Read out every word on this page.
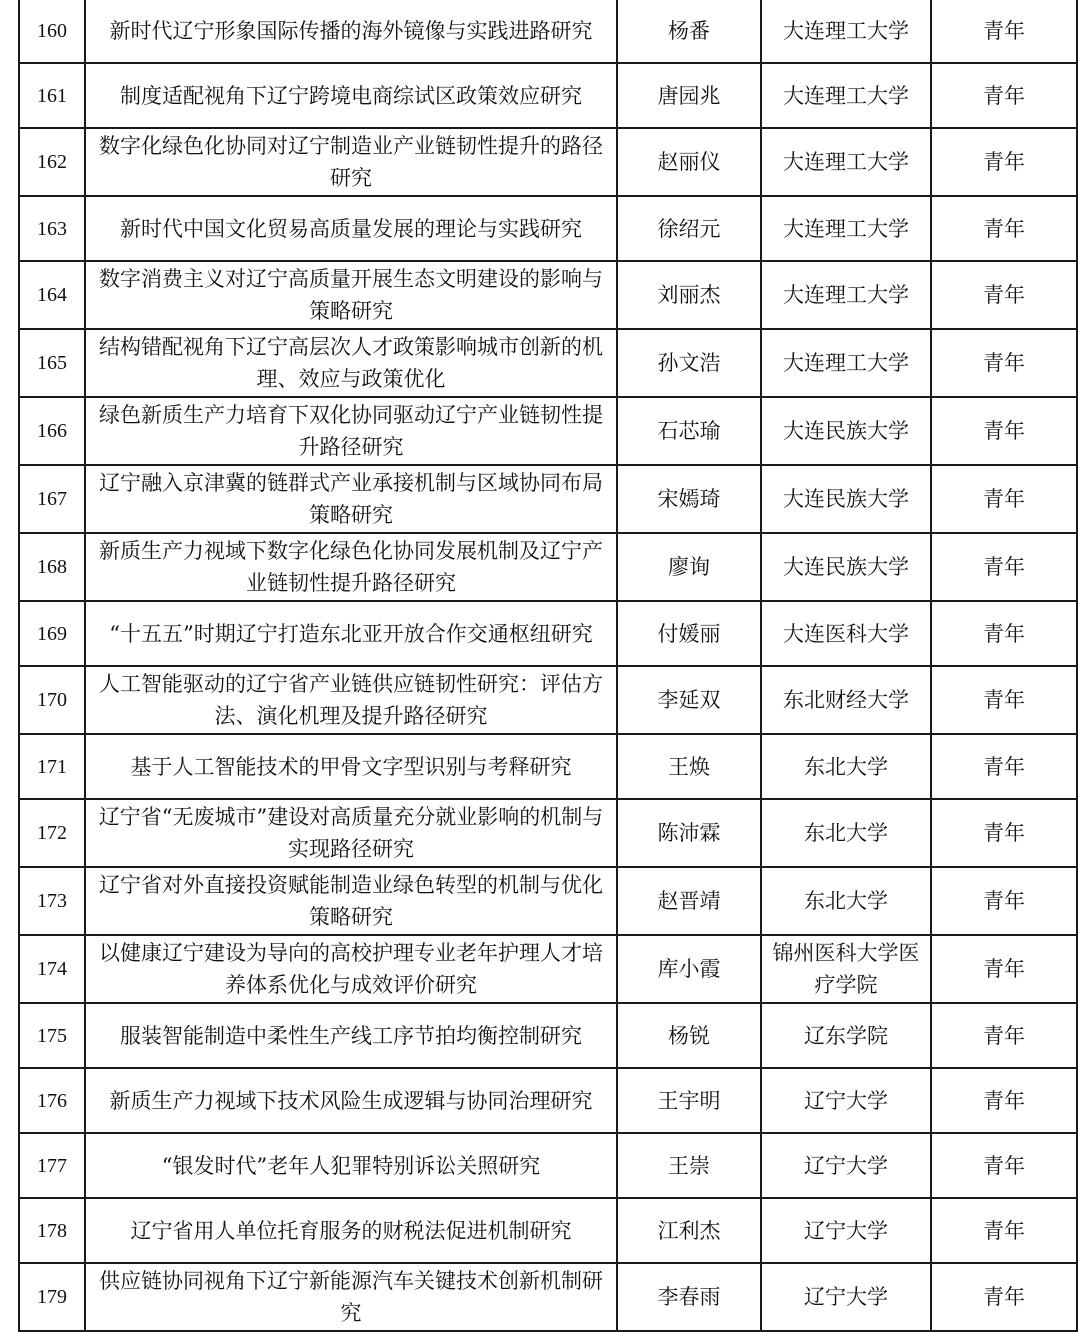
160	新时代辽宁形象国际传播的海外镜像与实践进路研究	杨番	大连理工大学	青年
161	制度适配视角下辽宁跨境电商综试区政策效应研究	唐园兆	大连理工大学	青年
162	数字化绿色化协同对辽宁制造业产业链韧性提升的路径研究	赵丽仪	大连理工大学	青年
163	新时代中国文化贸易高质量发展的理论与实践研究	徐绍元	大连理工大学	青年
164	数字消费主义对辽宁高质量开展生态文明建设的影响与策略研究	刘丽杰	大连理工大学	青年
165	结构错配视角下辽宁高层次人才政策影响城市创新的机理、效应与政策优化	孙文浩	大连理工大学	青年
166	绿色新质生产力培育下双化协同驱动辽宁产业链韧性提升路径研究	石芯瑜	大连民族大学	青年
167	辽宁融入京津冀的链群式产业承接机制与区域协同布局策略研究	宋嫣琦	大连民族大学	青年
168	新质生产力视域下数字化绿色化协同发展机制及辽宁产业链韧性提升路径研究	廖询	大连民族大学	青年
169	“十五五”时期辽宁打造东北亚开放合作交通枢纽研究	付媛丽	大连医科大学	青年
170	人工智能驱动的辽宁省产业链供应链韧性研究：评估方法、演化机理及提升路径研究	李延双	东北财经大学	青年
171	基于人工智能技术的甲骨文字型识别与考释研究	王焕	东北大学	青年
172	辽宁省“无废城市”建设对高质量充分就业影响的机制与实现路径研究	陈沛霖	东北大学	青年
173	辽宁省对外直接投资赋能制造业绿色转型的机制与优化策略研究	赵晋靖	东北大学	青年
174	以健康辽宁建设为导向的高校护理专业老年护理人才培养体系优化与成效评价研究	库小霞	锦州医科大学医疗学院	青年
175	服装智能制造中柔性生产线工序节拍均衡控制研究	杨锐	辽东学院	青年
176	新质生产力视域下技术风险生成逻辑与协同治理研究	王宇明	辽宁大学	青年
177	“银发时代”老年人犯罪特别诉讼关照研究	王崇	辽宁大学	青年
178	辽宁省用人单位托育服务的财税法促进机制研究	江利杰	辽宁大学	青年
179	供应链协同视角下辽宁新能源汽车关键技术创新机制研究	李春雨	辽宁大学	青年
